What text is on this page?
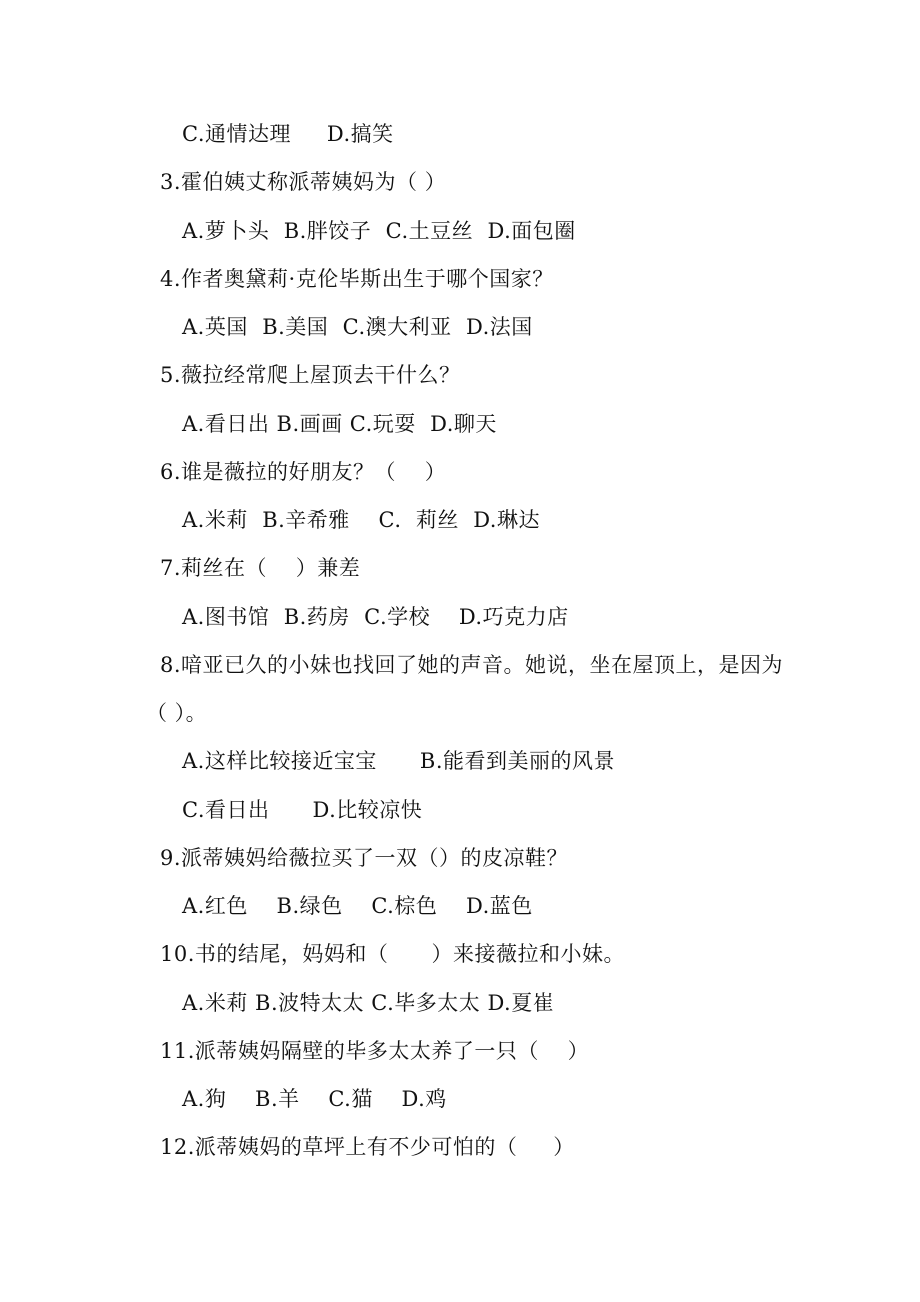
C.通情达理     D.搞笑
3.霍伯姨丈称派蒂姨妈为（ ）
A.萝卜头  B.胖饺子  C.土豆丝  D.面包圈
4.作者奥黛莉·克伦毕斯出生于哪个国家？
A.英国  B.美国  C.澳大利亚  D.法国
5.薇拉经常爬上屋顶去干什么？
A.看日出 B.画画 C.玩耍  D.聊天
6.谁是薇拉的好朋友？（    ）
A.米莉  B.辛希雅    C.  莉丝  D.琳达
7.莉丝在（    ）兼差
A.图书馆  B.药房  C.学校    D.巧克力店
8.喑亚已久的小妹也找回了她的声音。她说，坐在屋顶上，是因为
（ ）。
A.这样比较接近宝宝      B.能看到美丽的风景
C.看日出      D.比较凉快
9.派蒂姨妈给薇拉买了一双（）的皮凉鞋？
A.红色    B.绿色    C.棕色    D.蓝色
10.书的结尾，妈妈和（      ）来接薇拉和小妹。
A.米莉 B.波特太太 C.毕多太太 D.夏崔
11.派蒂姨妈隔壁的毕多太太养了一只（    ）
A.狗    B.羊    C.猫    D.鸡
12.派蒂姨妈的草坪上有不少可怕的（     ）
